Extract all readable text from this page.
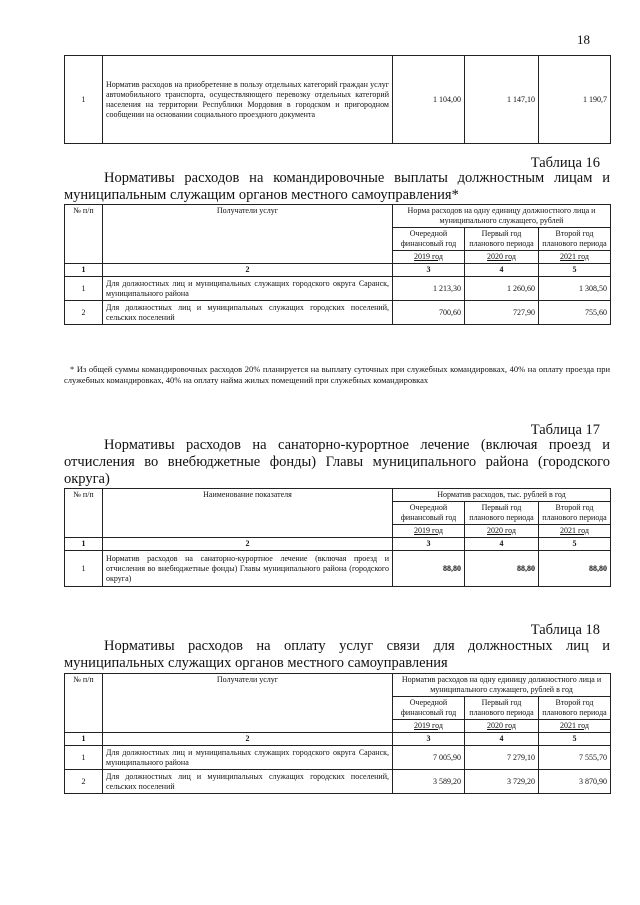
18
1	Норматив расходов на приобретение в пользу отдельных категорий граждан услуг автомобильного транспорта, осуществляющего перевозку отдельных категорий населения на территории Республики Мордовия в городском и пригородном сообщении на основании социального проездного документа	1 104,00	1 147,10	1 190,7
Таблица 16
Нормативы расходов на командировочные выплаты должностным лицам и муниципальным служащим органов местного самоуправления*
№ п/п	Получатели услуг	Норма расходов на одну единицу должностного лица и муниципального служащего, рублей		
		Очередной финансовый год	Первый год планового периода	Второй год планового периода
		2019 год	2020 год	2021 год
1	2	3	4	5
1	Для должностных лиц и муниципальных служащих городского округа Саранск, муниципального района	1 213,30	1 260,60	1 308,50
2	Для должностных лиц и муниципальных служащих городских поселений, сельских поселений	700,60	727,90	755,60
* Из общей суммы командировочных расходов 20% планируется на выплату суточных при служебных командировках, 40% на оплату проезда при служебных командировках, 40% на оплату найма жилых помещений при служебных командировках
Таблица 17
Нормативы расходов на санаторно-курортное лечение (включая проезд и отчисления во внебюджетные фонды) Главы муниципального района (городского округа)
№ п/п	Наименование показателя	Норматив расходов, тыс. рублей в год		
		Очередной финансовый год	Первый год планового периода	Второй год планового периода
		2019 год	2020 год	2021 год
1	2	3	4	5
1	Норматив расходов на санаторно-курортное лечение (включая проезд и отчисления во внебюджетные фонды) Главы муниципального района (городского округа)	88,80	88,80	88,80
Таблица 18
Нормативы расходов на оплату услуг связи для должностных лиц и муниципальных служащих органов местного самоуправления
№ п/п	Получатели услуг	Норматив расходов на одну единицу должностного лица и муниципального служащего, рублей в год		
		Очередной финансовый год	Первый год планового периода	Второй год планового периода
		2019 год	2020 год	2021 год
1	2	3	4	5
1	Для должностных лиц и муниципальных служащих городского округа Саранск, муниципального района	7 005,90	7 279,10	7 555,70
2	Для должностных лиц и муниципальных служащих городских поселений, сельских поселений	3 589,20	3 729,20	3 870,90
